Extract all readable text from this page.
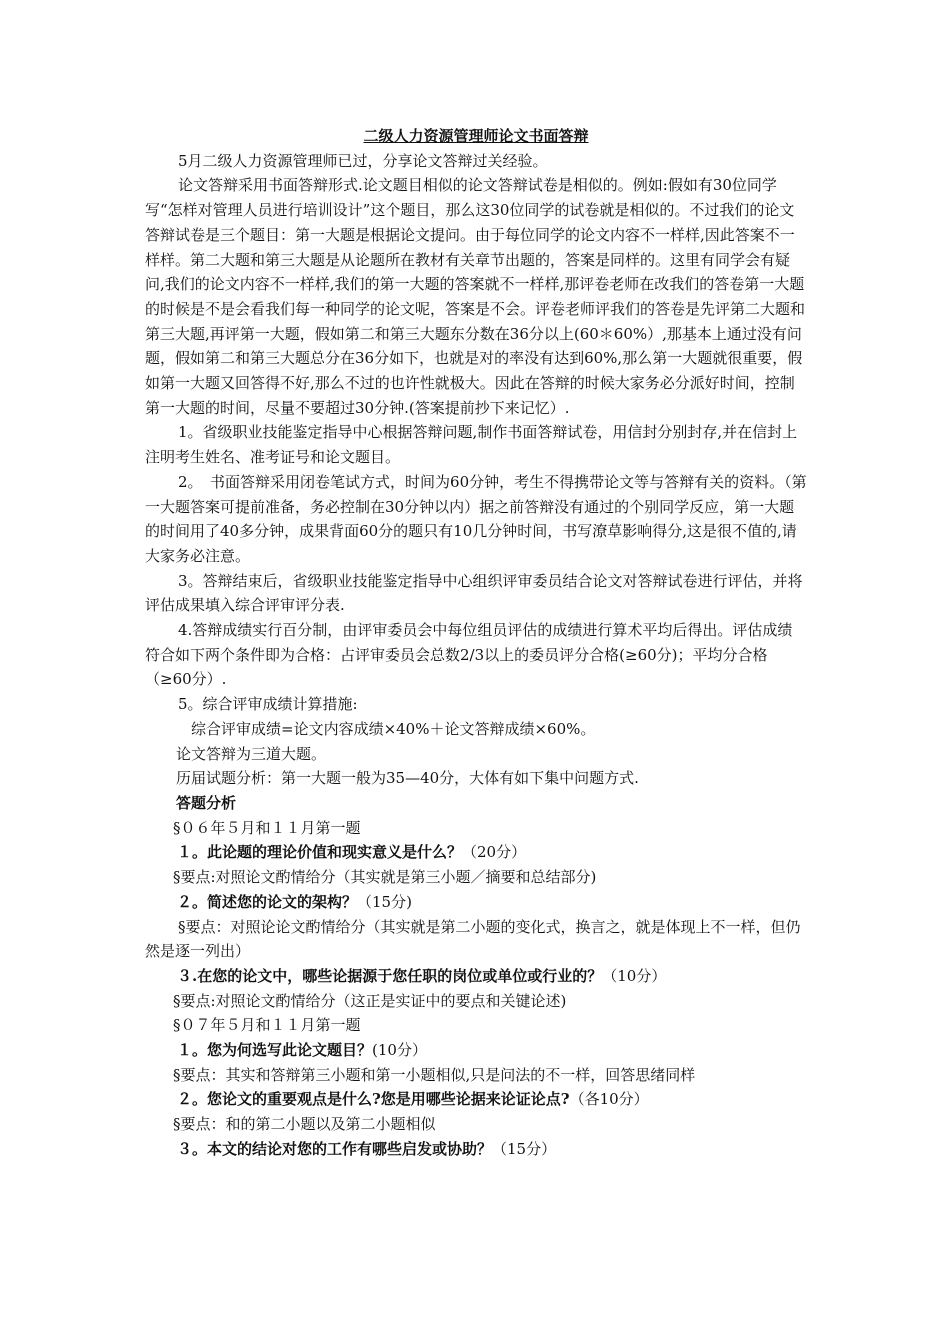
二级人力资源管理师论文书面答辩

5月二级人力资源管理师已过，分享论文答辩过关经验。

论文答辩采用书面答辩形式.论文题目相似的论文答辩试卷是相似的。例如:假如有30位同学写“怎样对管理人员进行培训设计”这个题目，那么这30位同学的试卷就是相似的。不过我们的论文答辩试卷是三个题目：第一大题是根据论文提问。由于每位同学的论文内容不一样样,因此答案不一样样。第二大题和第三大题是从论题所在教材有关章节出题的，答案是同样的。这里有同学会有疑问,我们的论文内容不一样样,我们的第一大题的答案就不一样样,那评卷老师在改我们的答卷第一大题的时候是不是会看我们每一种同学的论文呢，答案是不会。评卷老师评我们的答卷是先评第二大题和第三大题,再评第一大题，假如第二和第三大题东分数在36分以上(60＊60%）,那基本上通过没有问题，假如第二和第三大题总分在36分如下，也就是对的率没有达到60%,那么第一大题就很重要，假如第一大题又回答得不好,那么不过的也许性就极大。因此在答辩的时候大家务必分派好时间，控制第一大题的时间，尽量不要超过30分钟.(答案提前抄下来记忆）.

1。省级职业技能鉴定指导中心根据答辩问题,制作书面答辩试卷，用信封分别封存,并在信封上注明考生姓名、准考证号和论文题目。

2。　书面答辩采用闭卷笔试方式，时间为60分钟，考生不得携带论文等与答辩有关的资料。（第一大题答案可提前准备，务必控制在30分钟以内）据之前答辩没有通过的个别同学反应，第一大题的时间用了40多分钟，成果背面60分的题只有10几分钟时间，书写潦草影响得分,这是很不值的,请大家务必注意。

3。答辩结束后，省级职业技能鉴定指导中心组织评审委员结合论文对答辩试卷进行评估，并将评估成果填入综合评审评分表.

4.答辩成绩实行百分制，由评审委员会中每位组员评估的成绩进行算术平均后得出。评估成绩符合如下两个条件即为合格：占评审委员会总数2/3以上的委员评分合格(≥60分)；平均分合格（≥60分）.

5。综合评审成绩计算措施:

综合评审成绩=论文内容成绩×40%＋论文答辩成绩×60%。

论文答辩为三道大题。

历届试题分析：第一大题一般为35—40分，大体有如下集中问题方式.

答题分析

§０６年５月和１１月第一题

１。此论题的理论价值和现实意义是什么？（20分）

§要点:对照论文酌情给分（其实就是第三小题／摘要和总结部分)

２。简述您的论文的架构？（15分)

§要点：对照论论文酌情给分（其实就是第二小题的变化式，换言之，就是体现上不一样，但仍然是逐一列出）

３.在您的论文中，哪些论据源于您任职的岗位或单位或行业的？（10分）

§要点:对照论文酌情给分（这正是实证中的要点和关键论述)

§０７年５月和１１月第一题

１。您为何选写此论文题目？(10分）

§要点：其实和答辩第三小题和第一小题相似,只是问法的不一样，回答思绪同样

２。您论文的重要观点是什么?您是用哪些论据来论证论点?（各10分）

§要点：和的第二小题以及第二小题相似

３。本文的结论对您的工作有哪些启发或协助？（15分）
